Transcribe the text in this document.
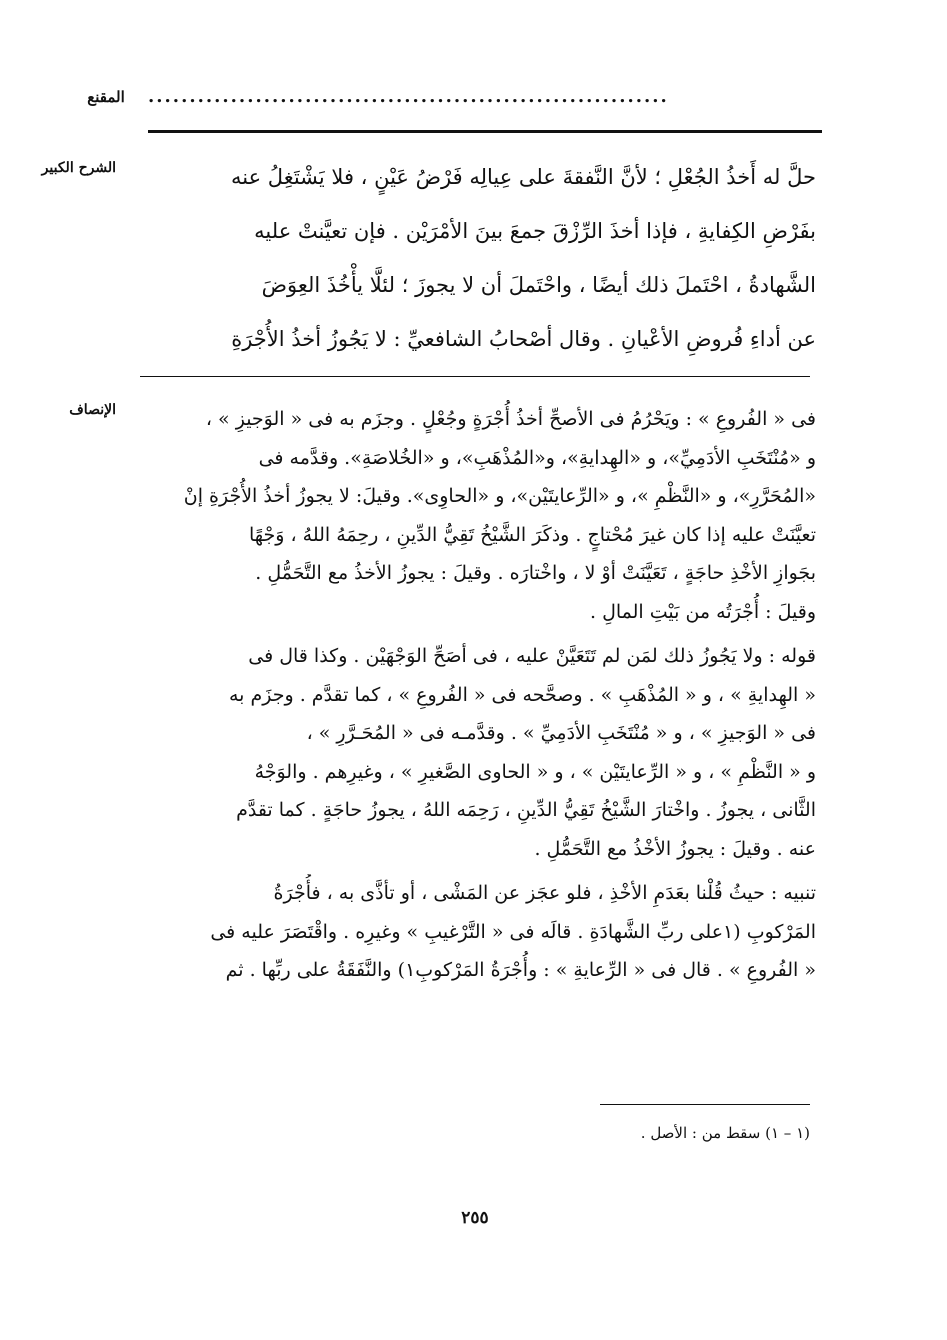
المقنع ...............................................................
الشرح الكبير	حلَّ له أَخذُ الجُعْلِ ؛ لأنَّ النَّفقةَ على عِيالِه فَرْضُ عَيْنٍ ، فلا يَشْتَغِلُ عنه
بفَرْضِ الكِفايةِ ، فإذا أخذَ الرِّزْقَ جمعَ بينَ الأمْرَيْن . فإن تعيَّنتْ عليه
الشَّهادةُ ، احْتَملَ ذلك أيضًا ، واحْتَملَ أن لا يجوزَ ؛ لئلَّا يأْخُذَ العِوَضَ
عن أداءِ فُروضِ الأعْيانِ . وقال أصْحابُ الشافعيِّ : لا يَجُوزُ أخذُ الأُجْرَةِ
الإنصاف	فى « الفُروعِ » : ويَحْرُمُ فى الأصحِّ أخذُ أُجْرَةٍ وجُعْلٍ . وجزَم به فى « الوَجيزِ » ،
و «مُنْتَخَبِ الأدَمِيِّ»، و «الهِدايةِ»، و«المُذْهَبِ»، و «الخُلاصَةِ». وقدَّمه فى
«المُحَرَّرِ»، و «النَّظْمِ »، و «الرِّعايتَيْن»، و «الحاوِى». وقيلَ: لا يجوزُ أخذُ الأُجْرَةِ إنْ
تعيَّنَتْ عليه إذا كان غيرَ مُحْتاجٍ . وذكَرَ الشَّيْخُ تَقِيُّ الدِّينِ ، رحِمَهُ اللهُ ، وَجْهًا
بجَوازِ الأخْذِ حاجَةٍ ، تَعَيَّنَتْ أوْ لا ، واخْتارَه . وقيلَ : يجوزُ الأخذُ مع التَّحَمُّلِ .
وقيلَ : أُجْرَتُه من بَيْتِ المالِ .
قوله : ولا يَجُوزُ ذلك لمَن لم تَتَعَيَّنْ عليه ، فى أصَحِّ الوَجْهَيْن . وكذا قال فى
« الهِدايةِ » ، و « المُذْهَبِ » . وصحَّحه فى « الفُروعِ » ، كما تقدَّم . وجزَم به
فى « الوَجيزِ » ، و « مُنْتَخَبِ الأدَمِيِّ » . وقدَّمـه فى « المُحَـرَّرِ » ،
و « النَّظْمِ » ، و « الرِّعايتَيْن » ، و « الحاوى الصَّغيرِ » ، وغيرِهم . والوَجْهُ
الثَّانى ، يجوزُ . واخْتارَ الشَّيْخُ تَقِيُّ الدِّينِ ، رَحِمَه اللهُ ، يجوزُ حاجَةٍ . كما تقدَّم
عنه . وقيلَ : يجوزُ الأخْذُ مع التَّحَمُّلِ .
تنبيه : حيثُ قُلْنا بعَدَمِ الأخْذِ ، فلو عجَز عن المَشْى ، أو تأذَّى به ، فأُجْرَةُ
المَرْكوبِ (١على ربِّ الشَّهادَةِ . قالَه فى « التَّرْغيبِ » وغيرِه . واقْتَصَرَ عليه فى
« الفُروعِ » . قال فى « الرِّعايةِ » : وأُجْرَةُ المَرْكوبِ١) والنَّفَقَةُ على ربِّها . ثم
(١ – ١) سقط من : الأصل .
٢٥٥
